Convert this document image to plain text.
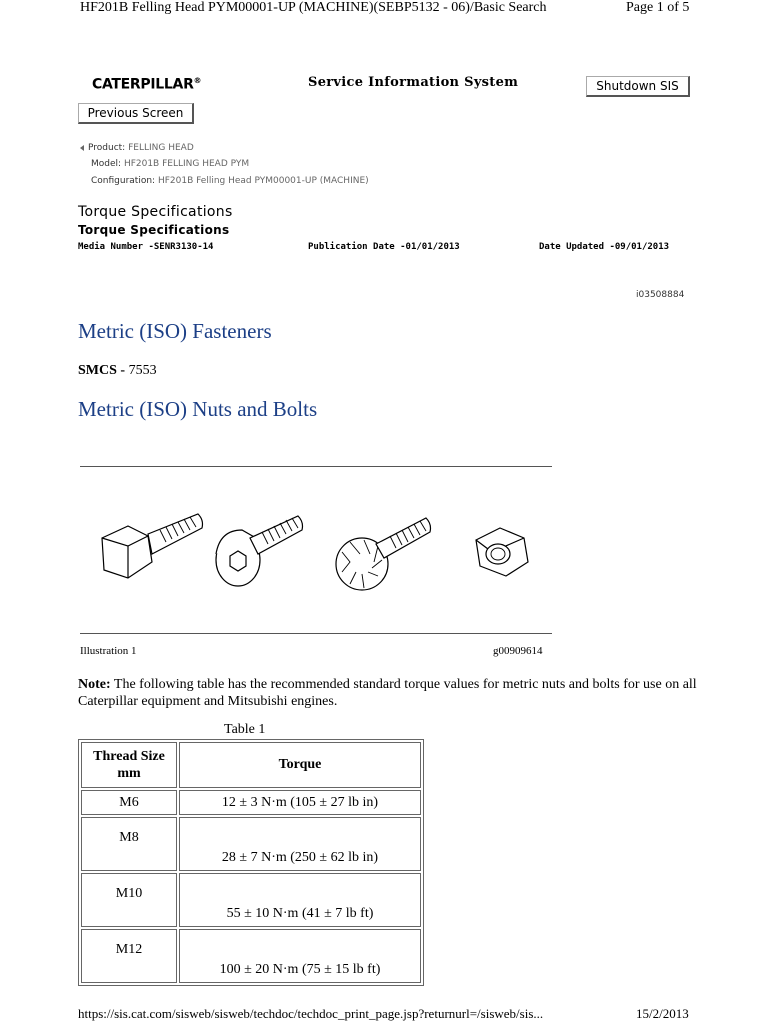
HF201B Felling Head PYM00001-UP (MACHINE)(SEBP5132 - 06)/Basic Search	Page 1 of 5
CATERPILLAR®	Service Information System	Shutdown SIS
Previous Screen
Product: FELLING HEAD
Model: HF201B FELLING HEAD PYM
Configuration: HF201B Felling Head PYM00001-UP (MACHINE)
Torque Specifications
Torque Specifications
Media Number -SENR3130-14	Publication Date -01/01/2013	Date Updated -09/01/2013
i03508884
Metric (ISO) Fasteners
SMCS - 7553
Metric (ISO) Nuts and Bolts
Illustration 1	g00909614
Note: The following table has the recommended standard torque values for metric nuts and bolts for use on all Caterpillar equipment and Mitsubishi engines.
Table 1
Thread Size mm	Torque
M6	12 ± 3 N·m (105 ± 27 lb in)
M8	28 ± 7 N·m (250 ± 62 lb in)
M10	55 ± 10 N·m (41 ± 7 lb ft)
M12	100 ± 20 N·m (75 ± 15 lb ft)
https://sis.cat.com/sisweb/sisweb/techdoc/techdoc_print_page.jsp?returnurl=/sisweb/sis...	15/2/2013
